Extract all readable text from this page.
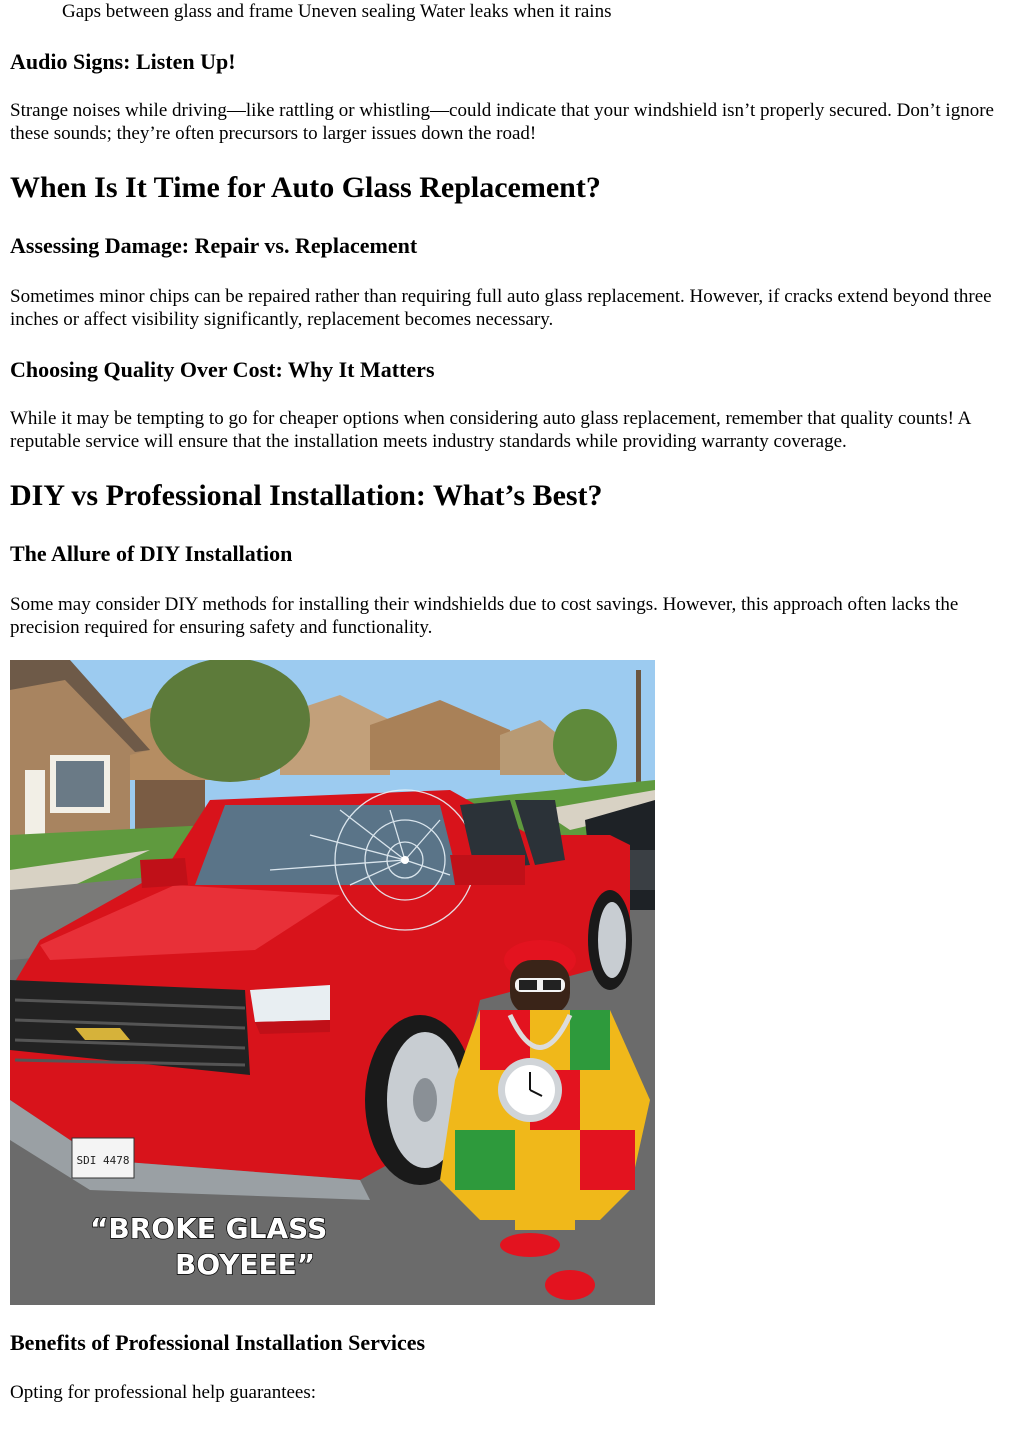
Gaps between glass and frame Uneven sealing Water leaks when it rains
Audio Signs: Listen Up!

Strange noises while driving—like rattling or whistling—could indicate that your windshield isn’t properly secured. Don’t ignore these sounds; they’re often precursors to larger issues down the road!

When Is It Time for Auto Glass Replacement?
Assessing Damage: Repair vs. Replacement

Sometimes minor chips can be repaired rather than requiring full auto glass replacement. However, if cracks extend beyond three inches or affect visibility significantly, replacement becomes necessary.

Choosing Quality Over Cost: Why It Matters

While it may be tempting to go for cheaper options when considering auto glass replacement, remember that quality counts! A reputable service will ensure that the installation meets industry standards while providing warranty coverage.

DIY vs Professional Installation: What’s Best?
The Allure of DIY Installation

Some may consider DIY methods for installing their windshields due to cost savings. However, this approach often lacks the precision required for ensuring safety and functionality.

SDI 4478
“BROKE GLASS
BOYEEE”
Benefits of Professional Installation Services

Opting for professional help guarantees:
